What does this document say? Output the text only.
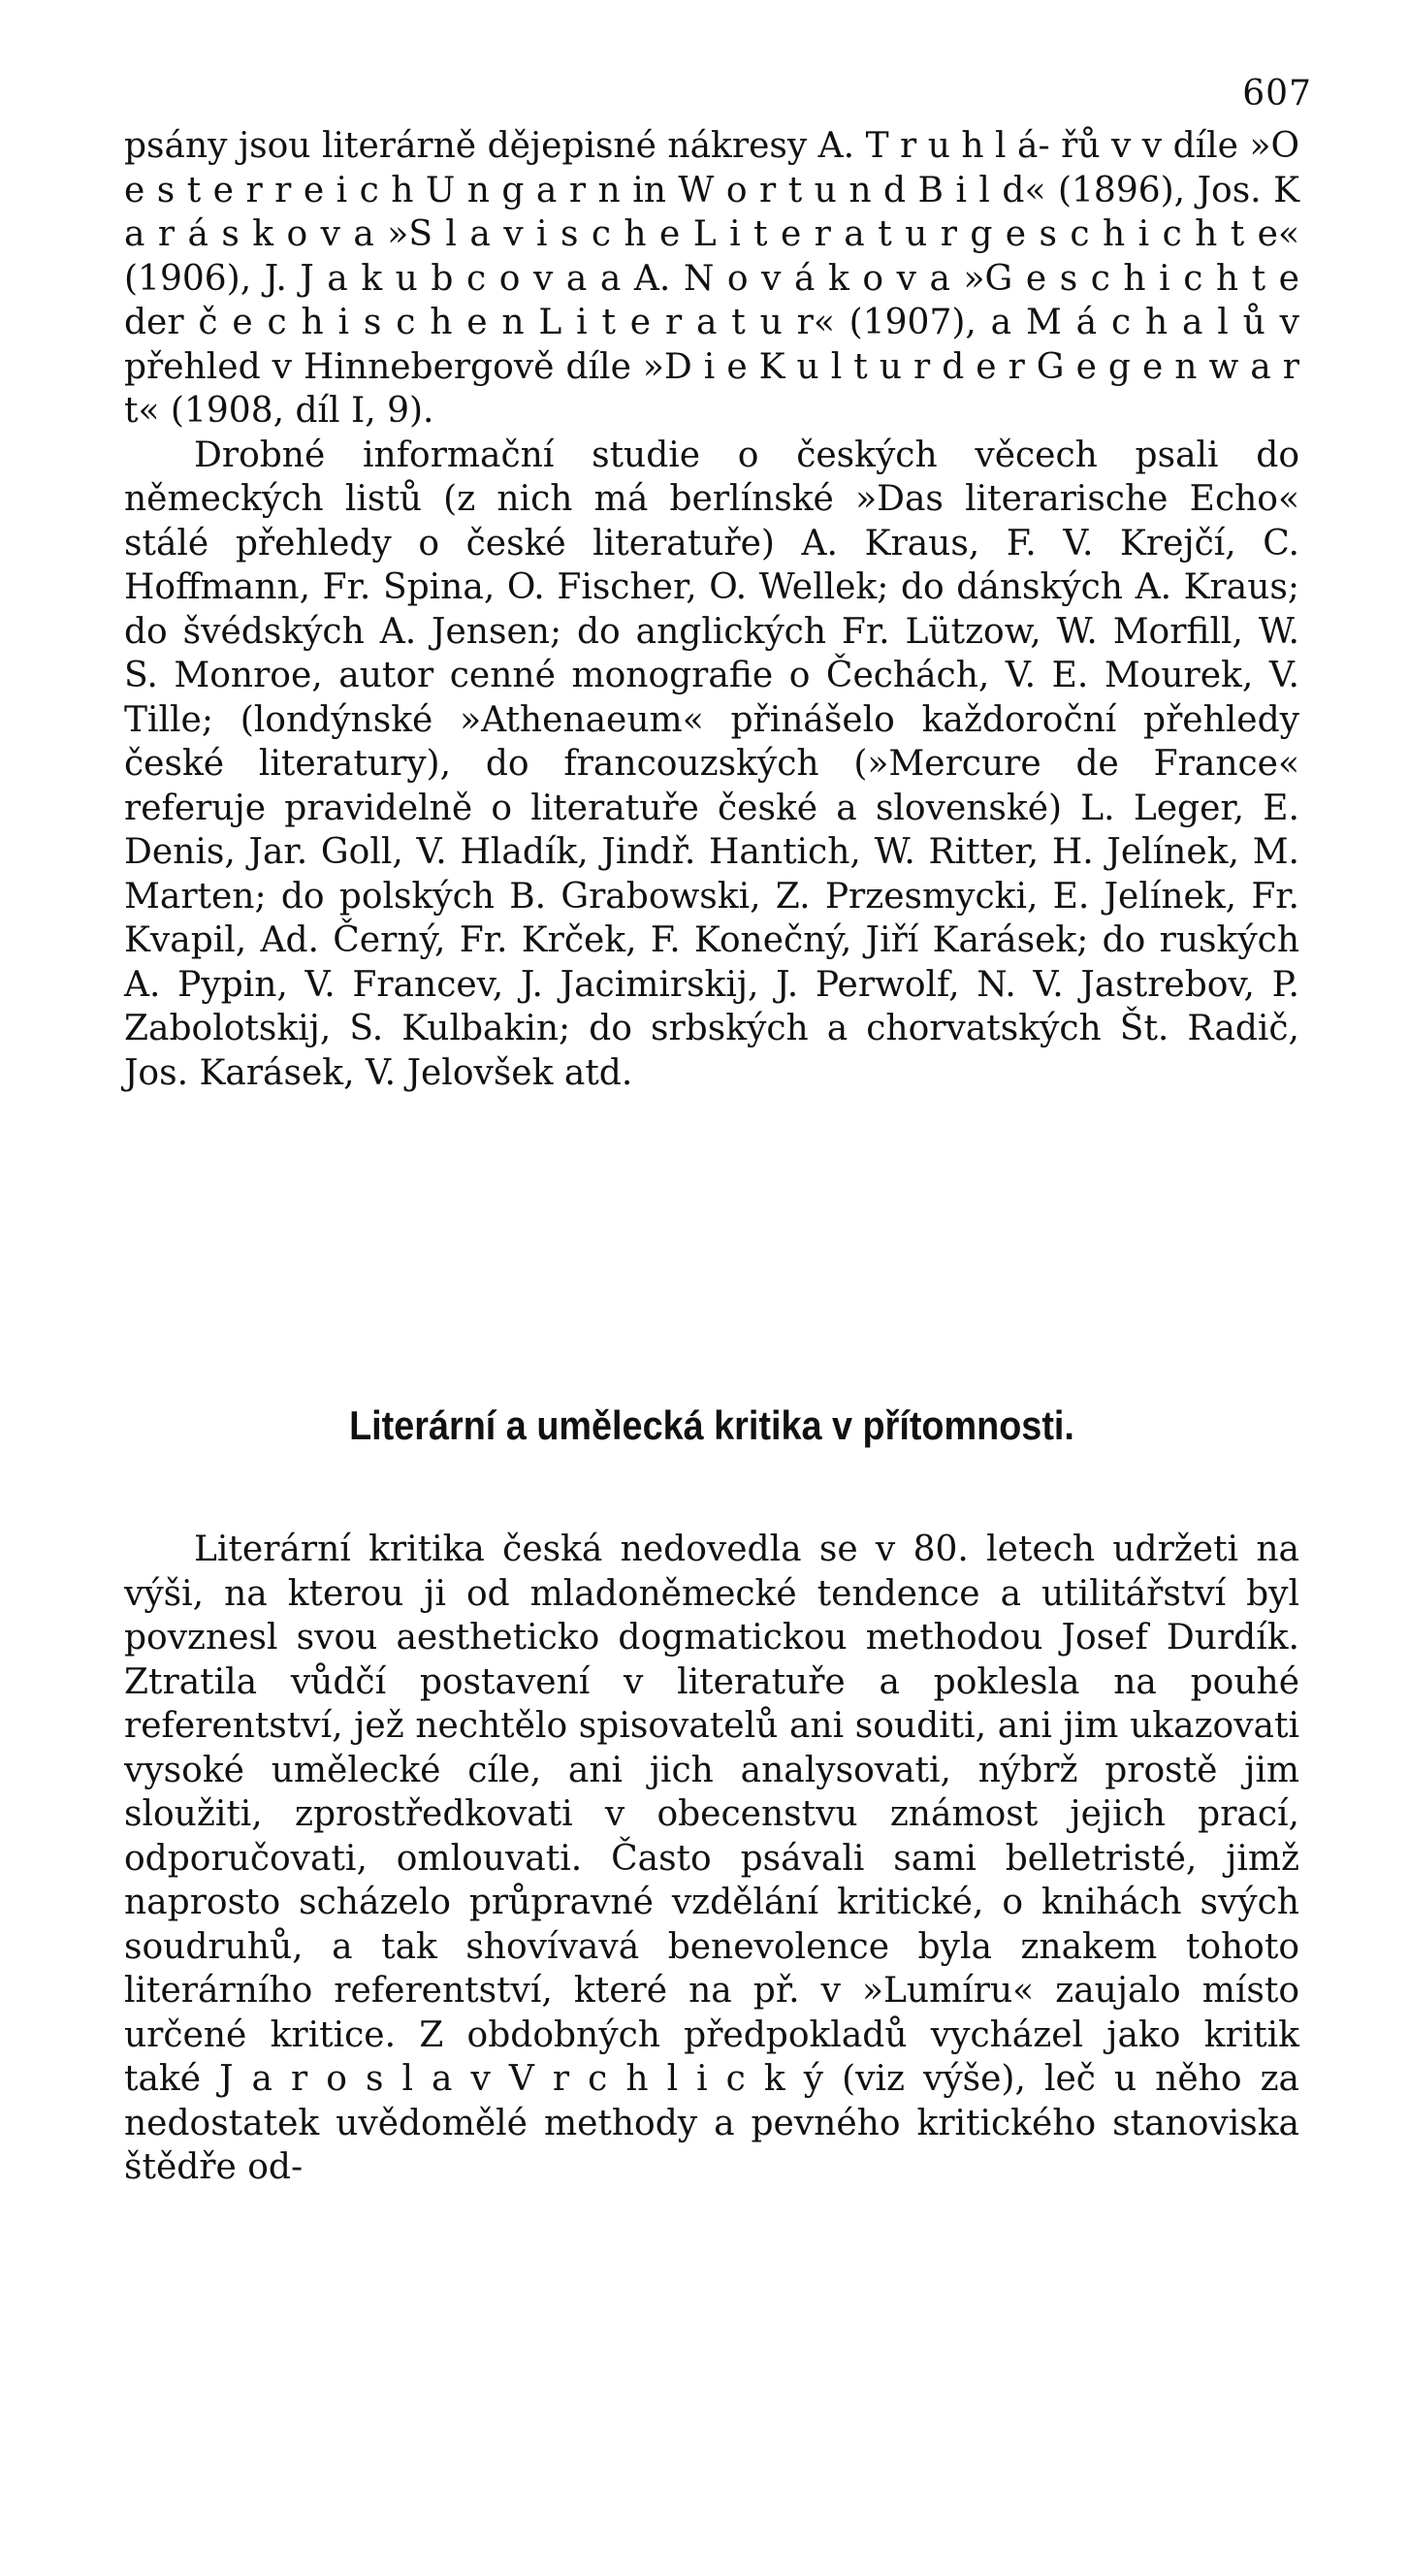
607

psány jsou literárně dějepisné nákresy A. T r u h l á- řů v v díle »O e s t e r r e i c h U n g a r n in W o r t u n d B i l d« (1896), Jos. K a r á s k o v a »S l a v i s c h e L i t e r a t u r g e s c h i c h t e« (1906), J. J a k u b c o v a a A. N o v á k o v a »G e s c h i c h t e der č e c h i s c h e n L i t e r a t u r« (1907), a M á c h a l ů v přehled v Hinnebergově díle »D i e K u l t u r d e r G e g e n w a r t« (1908, díl I, 9).

Drobné informační studie o českých věcech psali do německých listů (z nich má berlínské »Das literarische Echo« stálé přehledy o české literatuře) A. Kraus, F. V. Krejčí, C. Hoffmann, Fr. Spina, O. Fischer, O. Wellek; do dánských A. Kraus; do švédských A. Jensen; do anglických Fr. Lützow, W. Morfill, W. S. Monroe, autor cenné monografie o Čechách, V. E. Mourek, V. Tille; (londýnské »Athenaeum« přinášelo každoroční přehledy české literatury), do francouzských (»Mercure de France« referuje pravidelně o literatuře české a slovenské) L. Leger, E. Denis, Jar. Goll, V. Hladík, Jindř. Hantich, W. Ritter, H. Jelínek, M. Marten; do polských B. Grabowski, Z. Przesmycki, E. Jelínek, Fr. Kvapil, Ad. Černý, Fr. Krček, F. Konečný, Jiří Karásek; do ruských A. Pypin, V. Francev, J. Jacimirskij, J. Perwolf, N. V. Jastrebov, P. Zabolotskij, S. Kulbakin; do srbských a chorvatských Št. Radič, Jos. Karásek, V. Jelovšek atd.

Literární a umělecká kritika v přítomnosti.

Literární kritika česká nedovedla se v 80. letech udržeti na výši, na kterou ji od mladoněmecké tendence a utilitářství byl povznesl svou aestheticko dogmatickou methodou Josef Durdík. Ztratila vůdčí postavení v literatuře a poklesla na pouhé referentství, jež nechtělo spisovatelů ani souditi, ani jim ukazovati vysoké umělecké cíle, ani jich analysovati, nýbrž prostě jim sloužiti, zprostředkovati v obecenstvu známost jejich prací, odporučovati, omlouvati. Často psávali sami belletristé, jimž naprosto scházelo průpravné vzdělání kritické, o knihách svých soudruhů, a tak shovívavá benevolence byla znakem tohoto literárního referentství, které na př. v »Lumíru« zaujalo místo určené kritice. Z obdobných předpokladů vycházel jako kritik také J a r o s l a v V r c h l i c k ý (viz výše), leč u něho za nedostatek uvědomělé methody a pevného kritického stanoviska štědře od-
